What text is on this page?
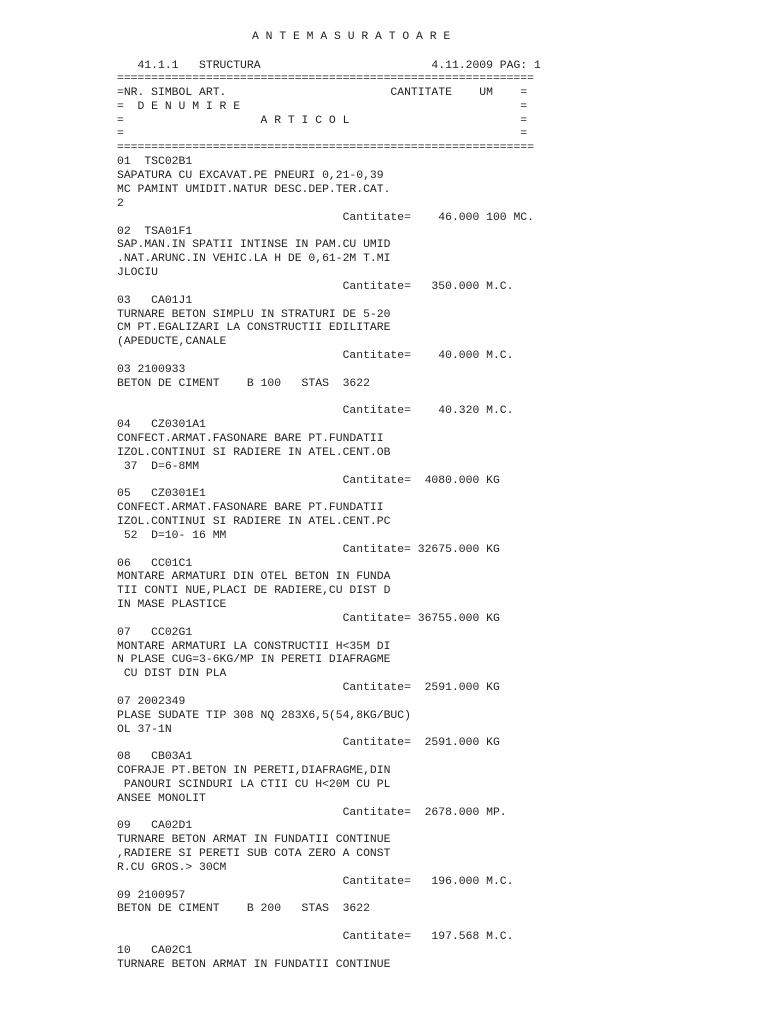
A N T E M A S U R A T O A R E
41.1.1   STRUCTURA                         4.11.2009 PAG: 1
=============================================================
=NR. SIMBOL ART.                        CANTITATE    UM    =
=  D E N U M I R E                                         =
=                    A R T I C O L                         =
=                                                          =
=============================================================
01  TSC02B1
SAPATURA CU EXCAVAT.PE PNEURI 0,21-0,39
MC PAMINT UMIDIT.NATUR DESC.DEP.TER.CAT.
2
Cantitate=    46.000 100 MC.
02  TSA01F1
SAP.MAN.IN SPATII INTINSE IN PAM.CU UMID
.NAT.ARUNC.IN VEHIC.LA H DE 0,61-2M T.MI
JLOCIU
Cantitate=   350.000 M.C.
03   CA01J1
TURNARE BETON SIMPLU IN STRATURI DE 5-20
CM PT.EGALIZARI LA CONSTRUCTII EDILITARE
(APEDUCTE,CANALE
Cantitate=    40.000 M.C.
03 2100933
BETON DE CIMENT    B 100   STAS  3622
Cantitate=    40.320 M.C.
04   CZ0301A1
CONFECT.ARMAT.FASONARE BARE PT.FUNDATII
IZOL.CONTINUI SI RADIERE IN ATEL.CENT.OB
37  D=6-8MM
Cantitate=  4080.000 KG
05   CZ0301E1
CONFECT.ARMAT.FASONARE BARE PT.FUNDATII
IZOL.CONTINUI SI RADIERE IN ATEL.CENT.PC
52  D=10- 16 MM
Cantitate= 32675.000 KG
06   CC01C1
MONTARE ARMATURI DIN OTEL BETON IN FUNDA
TII CONTI NUE,PLACI DE RADIERE,CU DIST D
IN MASE PLASTICE
Cantitate= 36755.000 KG
07   CC02G1
MONTARE ARMATURI LA CONSTRUCTII H<35M DI
N PLASE CUG=3-6KG/MP IN PERETI DIAFRAGME
CU DIST DIN PLA
Cantitate=  2591.000 KG
07 2002349
PLASE SUDATE TIP 308 NQ 283X6,5(54,8KG/BUC)
OL 37-1N
Cantitate=  2591.000 KG
08   CB03A1
COFRAJE PT.BETON IN PERETI,DIAFRAGME,DIN
PANOURI SCINDURI LA CTII CU H<20M CU PL
ANSEE MONOLIT
Cantitate=  2678.000 MP.
09   CA02D1
TURNARE BETON ARMAT IN FUNDATII CONTINUE
,RADIERE SI PERETI SUB COTA ZERO A CONST
R.CU GROS.> 30CM
Cantitate=   196.000 M.C.
09 2100957
BETON DE CIMENT    B 200   STAS  3622
Cantitate=   197.568 M.C.
10   CA02C1
TURNARE BETON ARMAT IN FUNDATII CONTINUE
